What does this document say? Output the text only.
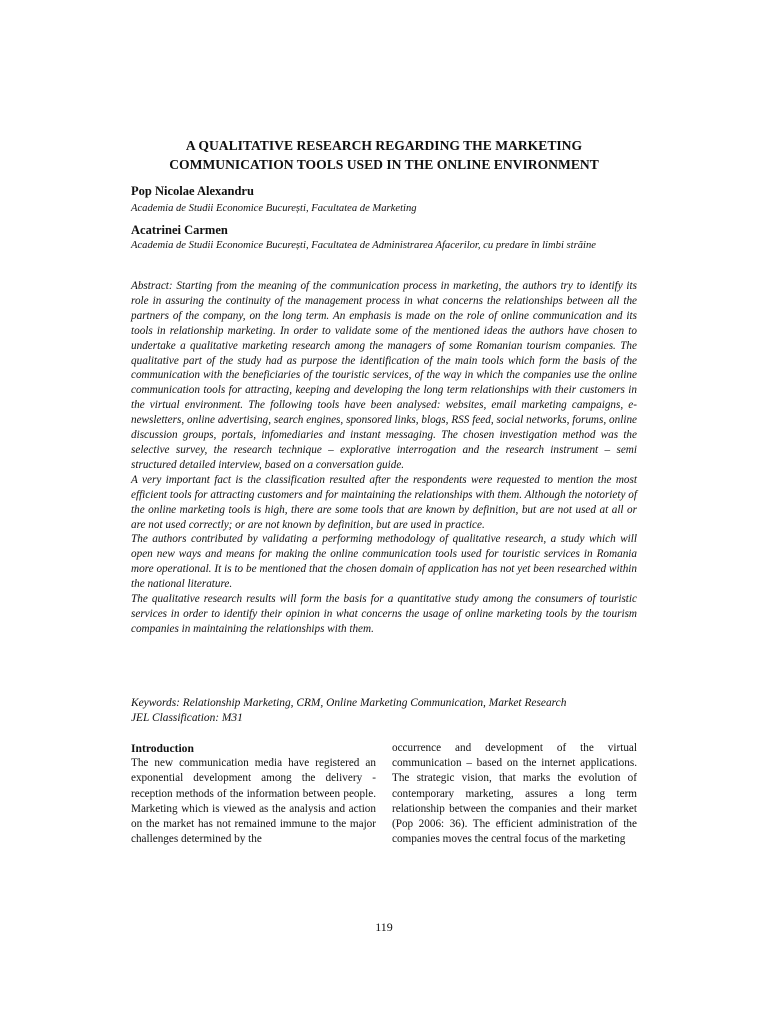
A QUALITATIVE RESEARCH REGARDING THE MARKETING
COMMUNICATION TOOLS USED IN THE ONLINE ENVIRONMENT
Pop Nicolae Alexandru
Academia de Studii Economice București, Facultatea de Marketing
Acatrinei Carmen
Academia de Studii Economice București, Facultatea de Administrarea Afacerilor, cu predare în limbi străine

Abstract: Starting from the meaning of the communication process in marketing, the authors try to identify its role in assuring the continuity of the management process in what concerns the relationships between all the partners of the company, on the long term. An emphasis is made on the role of online communication and its tools in relationship marketing. In order to validate some of the mentioned ideas the authors have chosen to undertake a qualitative marketing research among the managers of some Romanian tourism companies. The qualitative part of the study had as purpose the identification of the main tools which form the basis of the communication with the beneficiaries of the touristic services, of the way in which the companies use the online communication tools for attracting, keeping and developing the long term relationships with their customers in the virtual environment. The following tools have been analysed: websites, email marketing campaigns, e-newsletters, online advertising, search engines, sponsored links, blogs, RSS feed, social networks, forums, online discussion groups, portals, infomediaries and instant messaging. The chosen investigation method was the selective survey, the research technique – explorative interrogation and the research instrument – semi structured detailed interview, based on a conversation guide.

A very important fact is the classification resulted after the respondents were requested to mention the most efficient tools for attracting customers and for maintaining the relationships with them. Although the notoriety of the online marketing tools is high, there are some tools that are known by definition, but are not used at all or are not used correctly; or are not known by definition, but are used in practice.

The authors contributed by validating a performing methodology of qualitative research, a study which will open new ways and means for making the online communication tools used for touristic services in Romania more operational. It is to be mentioned that the chosen domain of application has not yet been researched within the national literature.

The qualitative research results will form the basis for a quantitative study among the consumers of touristic services in order to identify their opinion in what concerns the usage of online marketing tools by the tourism companies in maintaining the relationships with them.

Keywords: Relationship Marketing, CRM, Online Marketing Communication, Market Research
JEL Classification: M31
Introduction

The new communication media have registered an exponential development among the delivery - reception methods of the information between people. Marketing which is viewed as the analysis and action on the market has not remained immune to the major challenges determined by the

occurrence and development of the virtual communication – based on the internet applications. The strategic vision, that marks the evolution of contemporary marketing, assures a long term relationship between the companies and their market (Pop 2006: 36). The efficient administration of the companies moves the central focus of the marketing

119
